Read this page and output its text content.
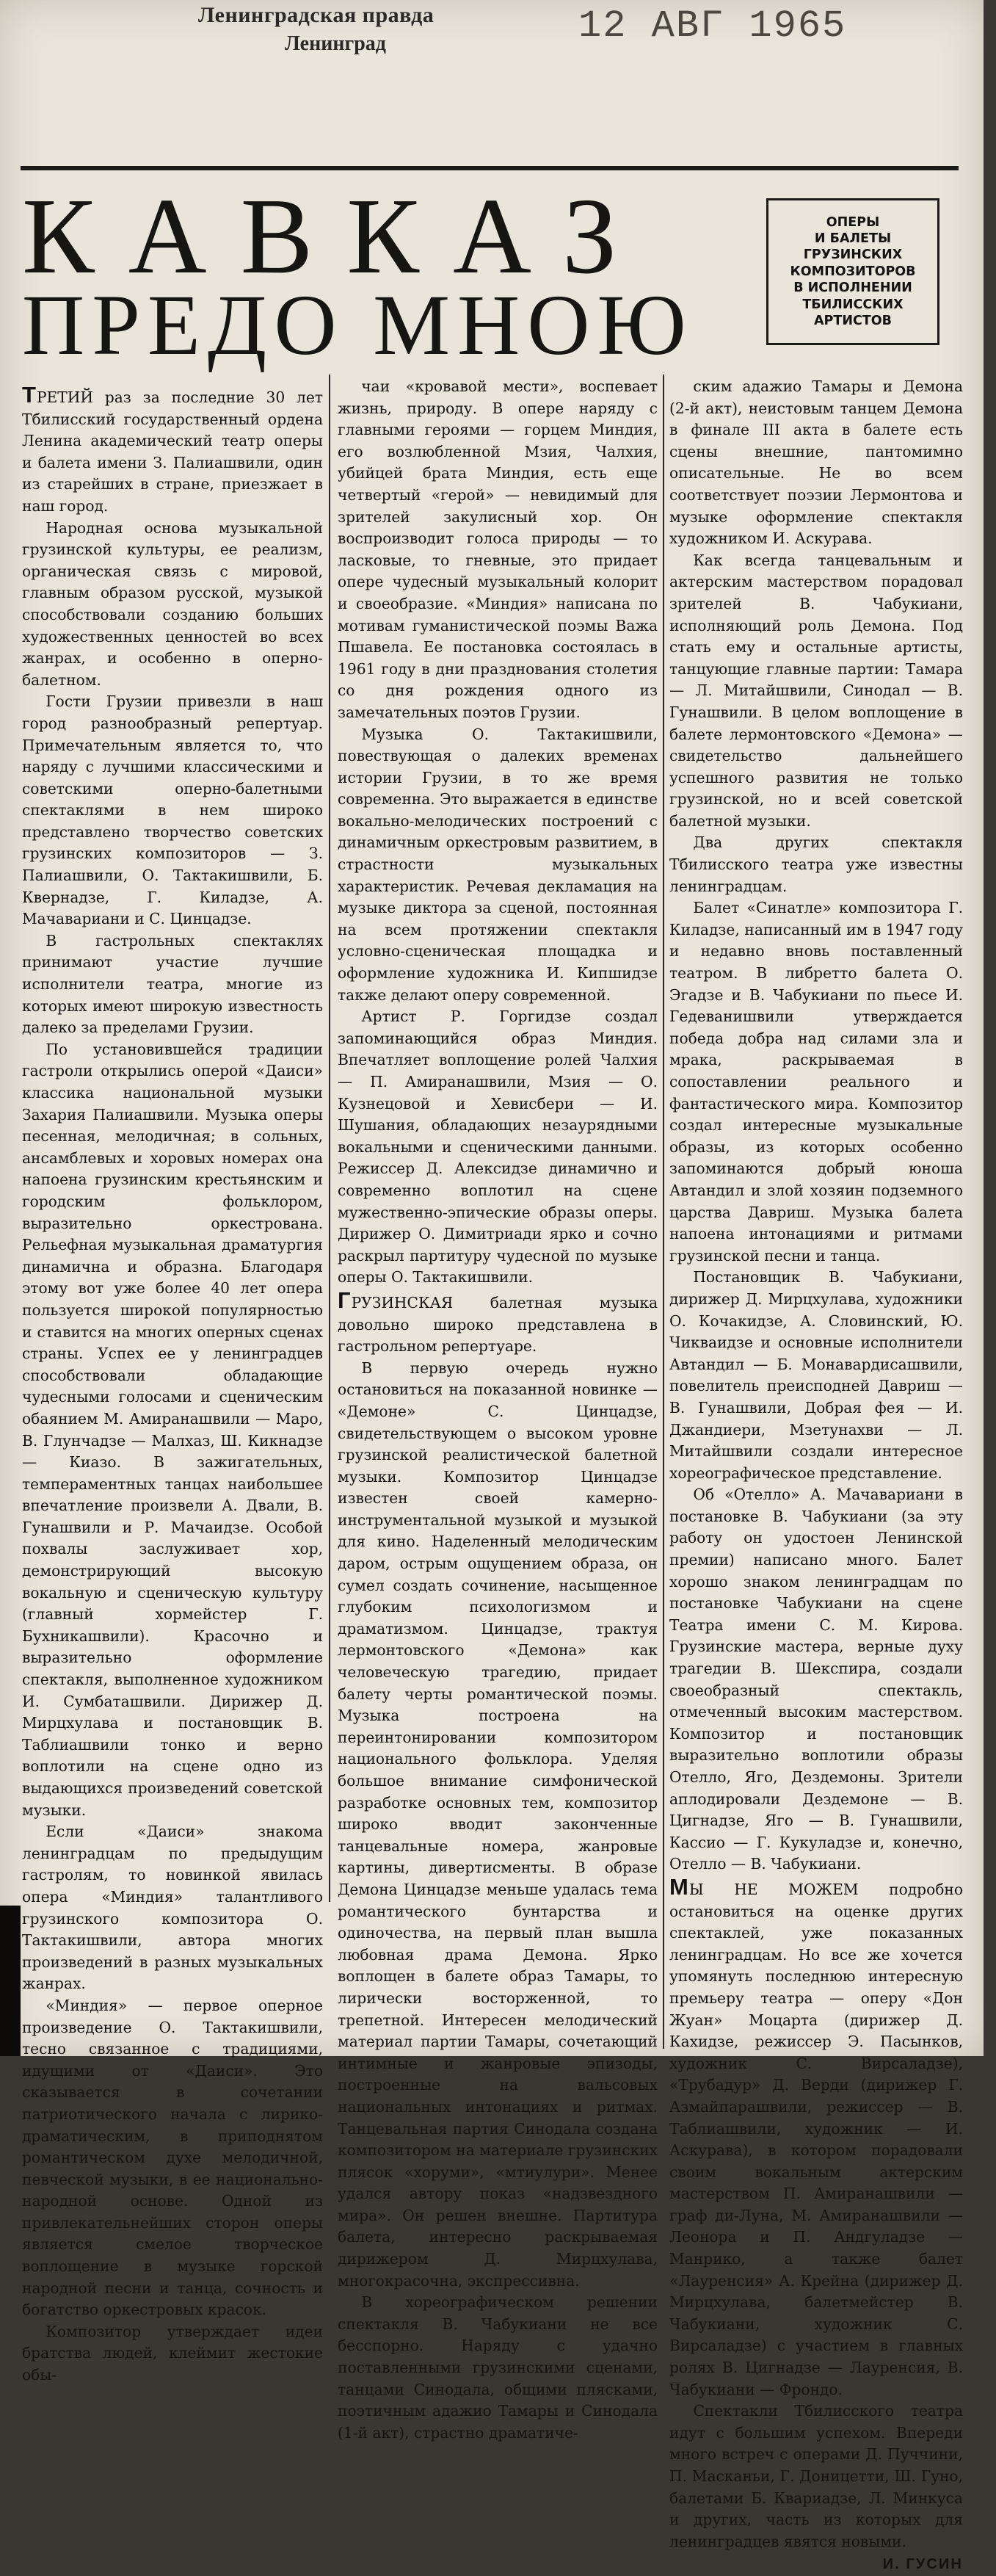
Ленинградская правда
Ленинград	12 АВГ 1965
КАВКАЗ
ПРЕДО МНОЮ

ОПЕРЫ
И БАЛЕТЫ
ГРУЗИНСКИХ
КОМПОЗИТОРОВ
В ИСПОЛНЕНИИ
ТБИЛИССКИХ
АРТИСТОВ

ТРЕТИЙ раз за последние 30 лет Тбилисский государственный ордена Ленина академический театр оперы и балета имени З. Палиашвили, один из старейших в стране, приезжает в наш город.

Народная основа музыкальной грузинской культуры, ее реализм, органическая связь с мировой, главным образом русской, музыкой способствовали созданию больших художественных ценностей во всех жанрах, и особенно в оперно-балетном.

Гости Грузии привезли в наш город разнообразный репертуар. Примечательным является то, что наряду с лучшими классическими и советскими оперно-балетными спектаклями в нем широко представлено творчество советских грузинских композиторов — З. Палиашвили, О. Тактакишвили, Б. Квернадзе, Г. Киладзе, А. Мачавариани и С. Цинцадзе.

В гастрольных спектаклях принимают участие лучшие исполнители театра, многие из которых имеют широкую известность далеко за пределами Грузии.

По установившейся традиции гастроли открылись оперой «Даиси» классика национальной музыки Захария Палиашвили. Музыка оперы песенная, мелодичная; в сольных, ансамблевых и хоровых номерах она напоена грузинским крестьянским и городским фольклором, выразительно оркестрована. Рельефная музыкальная драматургия динамична и образна. Благодаря этому вот уже более 40 лет опера пользуется широкой популярностью и ставится на многих оперных сценах страны. Успех ее у ленинградцев способствовали обладающие чудесными голосами и сценическим обаянием М. Амиранашвили — Маро, В. Глунчадзе — Малхаз, Ш. Кикнадзе — Киазо. В зажигательных, темпераментных танцах наибольшее впечатление произвели А. Двали, В. Гунашвили и Р. Мачаидзе. Особой похвалы заслуживает хор, демонстрирующий высокую вокальную и сценическую культуру (главный хормейстер Г. Бухникашвили). Красочно и выразительно оформление спектакля, выполненное художником И. Сумбаташвили. Дирижер Д. Мирцхулава и постановщик В. Таблиашвили тонко и верно воплотили на сцене одно из выдающихся произведений советской музыки.

Если «Даиси» знакома ленинградцам по предыдущим гастролям, то новинкой явилась опера «Миндия» талантливого грузинского композитора О. Тактакишвили, автора многих произведений в разных музыкальных жанрах.

«Миндия» — первое оперное произведение О. Тактакишвили, тесно связанное с традициями, идущими от «Даиси». Это сказывается в сочетании патриотического начала с лирико-драматическим, в приподнятом романтическом духе мелодичной, певческой музыки, в ее национально-народной основе. Одной из привлекательнейших сторон оперы является смелое творческое воплощение в музыке горской народной песни и танца, сочность и богатство оркестровых красок.

Композитор утверждает идеи братства людей, клеймит жестокие обы-

чаи «кровавой мести», воспевает жизнь, природу. В опере наряду с главными героями — горцем Миндия, его возлюбленной Мзия, Чалхия, убийцей брата Миндия, есть еще четвертый «герой» — невидимый для зрителей закулисный хор. Он воспроизводит голоса природы — то ласковые, то гневные, это придает опере чудесный музыкальный колорит и своеобразие. «Миндия» написана по мотивам гуманистической поэмы Важа Пшавела. Ее постановка состоялась в 1961 году в дни празднования столетия со дня рождения одного из замечательных поэтов Грузии.

Музыка О. Тактакишвили, повествующая о далеких временах истории Грузии, в то же время современна. Это выражается в единстве вокально-мелодических построений с динамичным оркестровым развитием, в страстности музыкальных характеристик. Речевая декламация на музыке диктора за сценой, постоянная на всем протяжении спектакля условно-сценическая площадка и оформление художника И. Кипшидзе также делают оперу современной.

Артист Р. Горгидзе создал запоминающийся образ Миндия. Впечатляет воплощение ролей Чалхия — П. Амиранашвили, Мзия — О. Кузнецовой и Хевисбери — И. Шушания, обладающих незаурядными вокальными и сценическими данными. Режиссер Д. Алексидзе динамично и современно воплотил на сцене мужественно-эпические образы оперы. Дирижер О. Димитриади ярко и сочно раскрыл партитуру чудесной по музыке оперы О. Тактакишвили.

ГРУЗИНСКАЯ балетная музыка довольно широко представлена в гастрольном репертуаре.

В первую очередь нужно остановиться на показанной новинке — «Демоне» С. Цинцадзе, свидетельствующем о высоком уровне грузинской реалистической балетной музыки. Композитор Цинцадзе известен своей камерно-инструментальной музыкой и музыкой для кино. Наделенный мелодическим даром, острым ощущением образа, он сумел создать сочинение, насыщенное глубоким психологизмом и драматизмом. Цинцадзе, трактуя лермонтовского «Демона» как человеческую трагедию, придает балету черты романтической поэмы. Музыка построена на переинтонировании композитором национального фольклора. Уделяя большое внимание симфонической разработке основных тем, композитор широко вводит законченные танцевальные номера, жанровые картины, дивертисменты. В образе Демона Цинцадзе меньше удалась тема романтического бунтарства и одиночества, на первый план вышла любовная драма Демона. Ярко воплощен в балете образ Тамары, то лирически восторженной, то трепетной. Интересен мелодический материал партии Тамары, сочетающий интимные и жанровые эпизоды, построенные на вальсовых национальных интонациях и ритмах. Танцевальная партия Синодала создана композитором на материале грузинских плясок «хоруми», «мтиулури». Менее удался автору показ «надзвездного мира». Он решен внешне. Партитура балета, интересно раскрываемая дирижером Д. Мирцхулава, многокрасочна, экспрессивна.

В хореографическом решении спектакля В. Чабукиани не все бесспорно. Наряду с удачно поставленными грузинскими сценами, танцами Синодала, общими плясками, поэтичным адажио Тамары и Синодала (1-й акт), страстно драматиче-

ским адажио Тамары и Демона (2-й акт), неистовым танцем Демона в финале III акта в балете есть сцены внешние, пантомимно описательные. Не во всем соответствует поэзии Лермонтова и музыке оформление спектакля художником И. Аскурава.

Как всегда танцевальным и актерским мастерством порадовал зрителей В. Чабукиани, исполняющий роль Демона. Под стать ему и остальные артисты, танцующие главные партии: Тамара — Л. Митайшвили, Синодал — В. Гунашвили. В целом воплощение в балете лермонтовского «Демона» — свидетельство дальнейшего успешного развития не только грузинской, но и всей советской балетной музыки.

Два других спектакля Тбилисского театра уже известны ленинградцам.

Балет «Синатле» композитора Г. Киладзе, написанный им в 1947 году и недавно вновь поставленный театром. В либретто балета О. Эгадзе и В. Чабукиани по пьесе И. Гедеванишвили утверждается победа добра над силами зла и мрака, раскрываемая в сопоставлении реального и фантастического мира. Композитор создал интересные музыкальные образы, из которых особенно запоминаются добрый юноша Автандил и злой хозяин подземного царства Давриш. Музыка балета напоена интонациями и ритмами грузинской песни и танца.

Постановщик В. Чабукиани, дирижер Д. Мирцхулава, художники О. Кочакидзе, А. Словинский, Ю. Чикваидзе и основные исполнители Автандил — Б. Монавардисашвили, повелитель преисподней Давриш — В. Гунашвили, Добрая фея — И. Джандиери, Мзетунахви — Л. Митайшвили создали интересное хореографическое представление.

Об «Отелло» А. Мачавариани в постановке В. Чабукиани (за эту работу он удостоен Ленинской премии) написано много. Балет хорошо знаком ленинградцам по постановке Чабукиани на сцене Театра имени С. М. Кирова. Грузинские мастера, верные духу трагедии В. Шекспира, создали своеобразный спектакль, отмеченный высоким мастерством. Композитор и постановщик выразительно воплотили образы Отелло, Яго, Дездемоны. Зрители аплодировали Дездемоне — В. Цигнадзе, Яго — В. Гунашвили, Кассио — Г. Кукуладзе и, конечно, Отелло — В. Чабукиани.

МЫ НЕ МОЖЕМ подробно остановиться на оценке других спектаклей, уже показанных ленинградцам. Но все же хочется упомянуть последнюю интересную премьеру театра — оперу «Дон Жуан» Моцарта (дирижер Д. Кахидзе, режиссер Э. Пасынков, художник С. Вирсаладзе), «Трубадур» Д. Верди (дирижер Г. Азмайпарашвили, режиссер — В. Таблиашвили, художник — И. Аскурава), в котором порадовали своим вокальным актерским мастерством П. Амиранашвили — граф ди-Луна, М. Амиранашвили — Леонора и П. Андгуладзе — Манрико, а также балет «Лауренсия» А. Крейна (дирижер Д. Мирцхулава, балетмейстер В. Чабукиани, художник С. Вирсаладзе) с участием в главных ролях В. Цигнадзе — Лауренсия, В. Чабукиани — Фрондо.

Спектакли Тбилисского театра идут с большим успехом. Впереди много встреч с операми Д. Пуччини, П. Масканьи, Г. Доницетти, Ш. Гуно, балетами Б. Квариадзе, Л. Минкуса и других, часть из которых для ленинградцев явятся новыми.

И. ГУСИН
